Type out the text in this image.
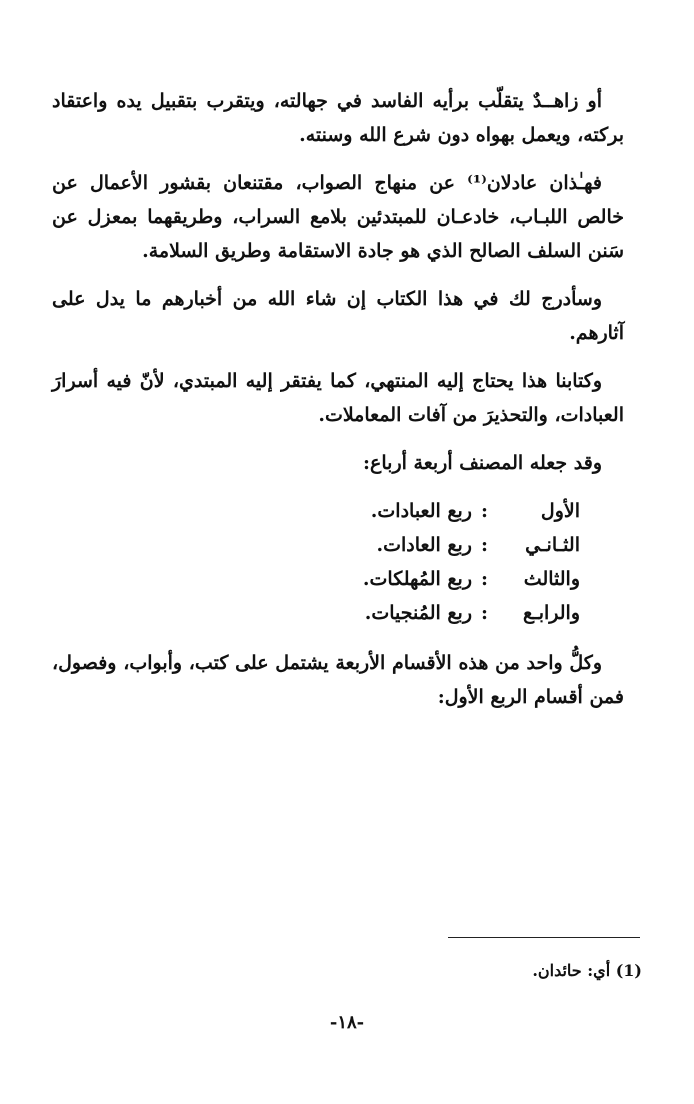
أو زاهــدٌ يتقلّب برأيه الفاسد في جهالته، ويتقرب بتقبيل يده واعتقاد بركته، ويعمل بهواه دون شرع الله وسنته.

فهـٰذان عادلان⁽¹⁾ عن منهاج الصواب، مقتنعان بقشور الأعمال عن خالص اللبـاب، خادعـان للمبتدئين بلامع السراب، وطريقهما بمعزل عن سَنن السلف الصالح الذي هو جادة الاستقامة وطريق السلامة.

وسأدرج لك في هذا الكتاب إن شاء الله من أخبارهم ما يدل على آثارهم.

وكتابنا هذا يحتاج إليه المنتهي، كما يفتقر إليه المبتدي، لأنّ فيه أسرارَ العبادات، والتحذيرَ من آفات المعاملات.

وقد جعله المصنف أربعة أرباع:

الأول
:
ربع العبادات.
الثـانـي
:
ربع العادات.
والثالث
:
ربع المُهلكات.
والرابـع
:
ربع المُنجيات.

وكلُّ واحد من هذه الأقسام الأربعة يشتمل على كتب، وأبواب، وفصول، فمن أقسام الربع الأول:

(1) أي: حائدان.
-١٨-
